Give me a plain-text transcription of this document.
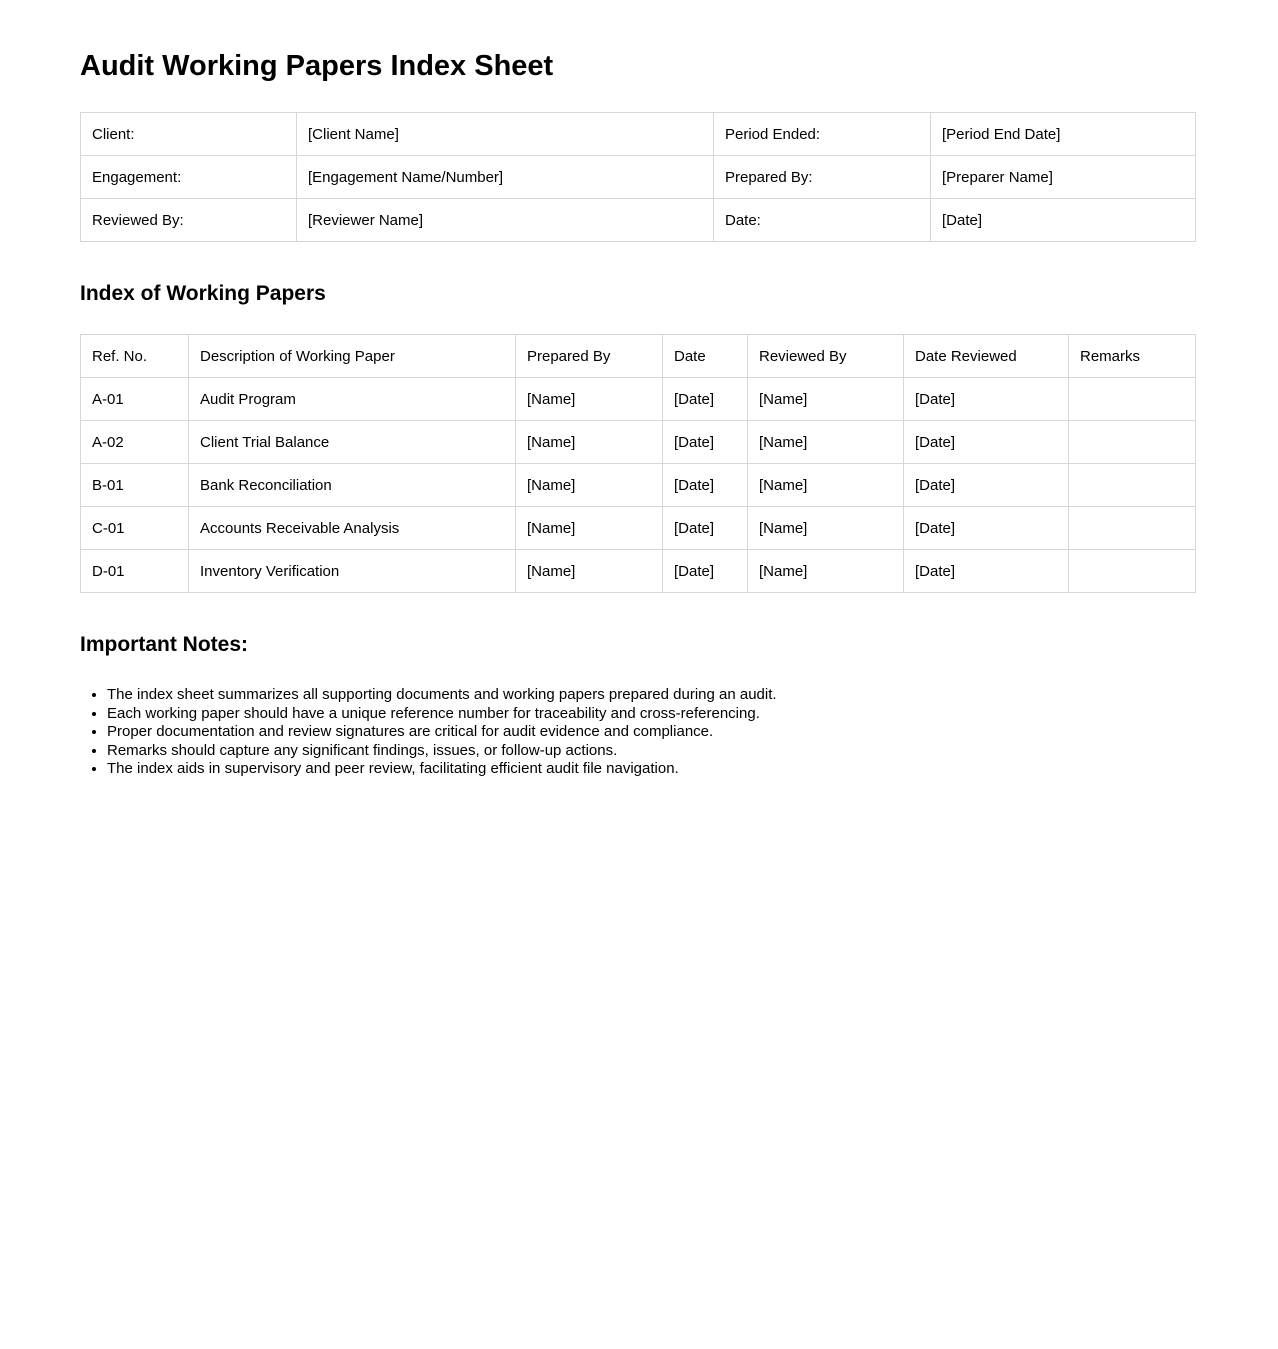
Audit Working Papers Index Sheet
Client:	[Client Name]	Period Ended:	[Period End Date]
Engagement:	[Engagement Name/Number]	Prepared By:	[Preparer Name]
Reviewed By:	[Reviewer Name]	Date:	[Date]
Index of Working Papers
Ref. No.	Description of Working Paper	Prepared By	Date	Reviewed By	Date Reviewed	Remarks
A-01	Audit Program	[Name]	[Date]	[Name]	[Date]	
A-02	Client Trial Balance	[Name]	[Date]	[Name]	[Date]	
B-01	Bank Reconciliation	[Name]	[Date]	[Name]	[Date]	
C-01	Accounts Receivable Analysis	[Name]	[Date]	[Name]	[Date]	
D-01	Inventory Verification	[Name]	[Date]	[Name]	[Date]	
Important Notes:
• The index sheet summarizes all supporting documents and working papers prepared during an audit.
• Each working paper should have a unique reference number for traceability and cross-referencing.
• Proper documentation and review signatures are critical for audit evidence and compliance.
• Remarks should capture any significant findings, issues, or follow-up actions.
• The index aids in supervisory and peer review, facilitating efficient audit file navigation.
